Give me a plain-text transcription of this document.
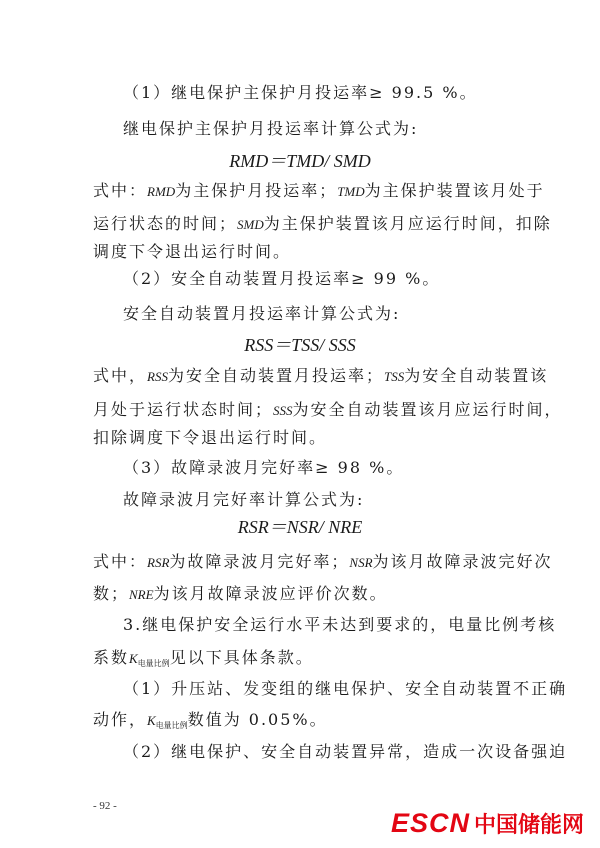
（1）继电保护主保护月投运率≥ 99.5 %。
继电保护主保护月投运率计算公式为:
RMD＝TMD/ SMD
式中：RMD为主保护月投运率；TMD为主保护装置该月处于
运行状态的时间；SMD为主保护装置该月应运行时间，扣除
调度下令退出运行时间。
（2）安全自动装置月投运率≥ 99 %。
安全自动装置月投运率计算公式为:
RSS＝TSS/ SSS
式中，RSS为安全自动装置月投运率；TSS为安全自动装置该
月处于运行状态时间；SSS为安全自动装置该月应运行时间，
扣除调度下令退出运行时间。
（3）故障录波月完好率≥ 98 %。
故障录波月完好率计算公式为:
RSR＝NSR/ NRE
式中：RSR为故障录波月完好率；NSR为该月故障录波完好次
数；NRE为该月故障录波应评价次数。
3.继电保护安全运行水平未达到要求的，电量比例考核
系数$K_{电量比例}$见以下具体条款。
（1）升压站、发变组的继电保护、安全自动装置不正确
动作，$K_{电量比例}$数值为 0.05%。
（2）继电保护、安全自动装置异常，造成一次设备强迫
- 92 -
ESCN 中国储能网
